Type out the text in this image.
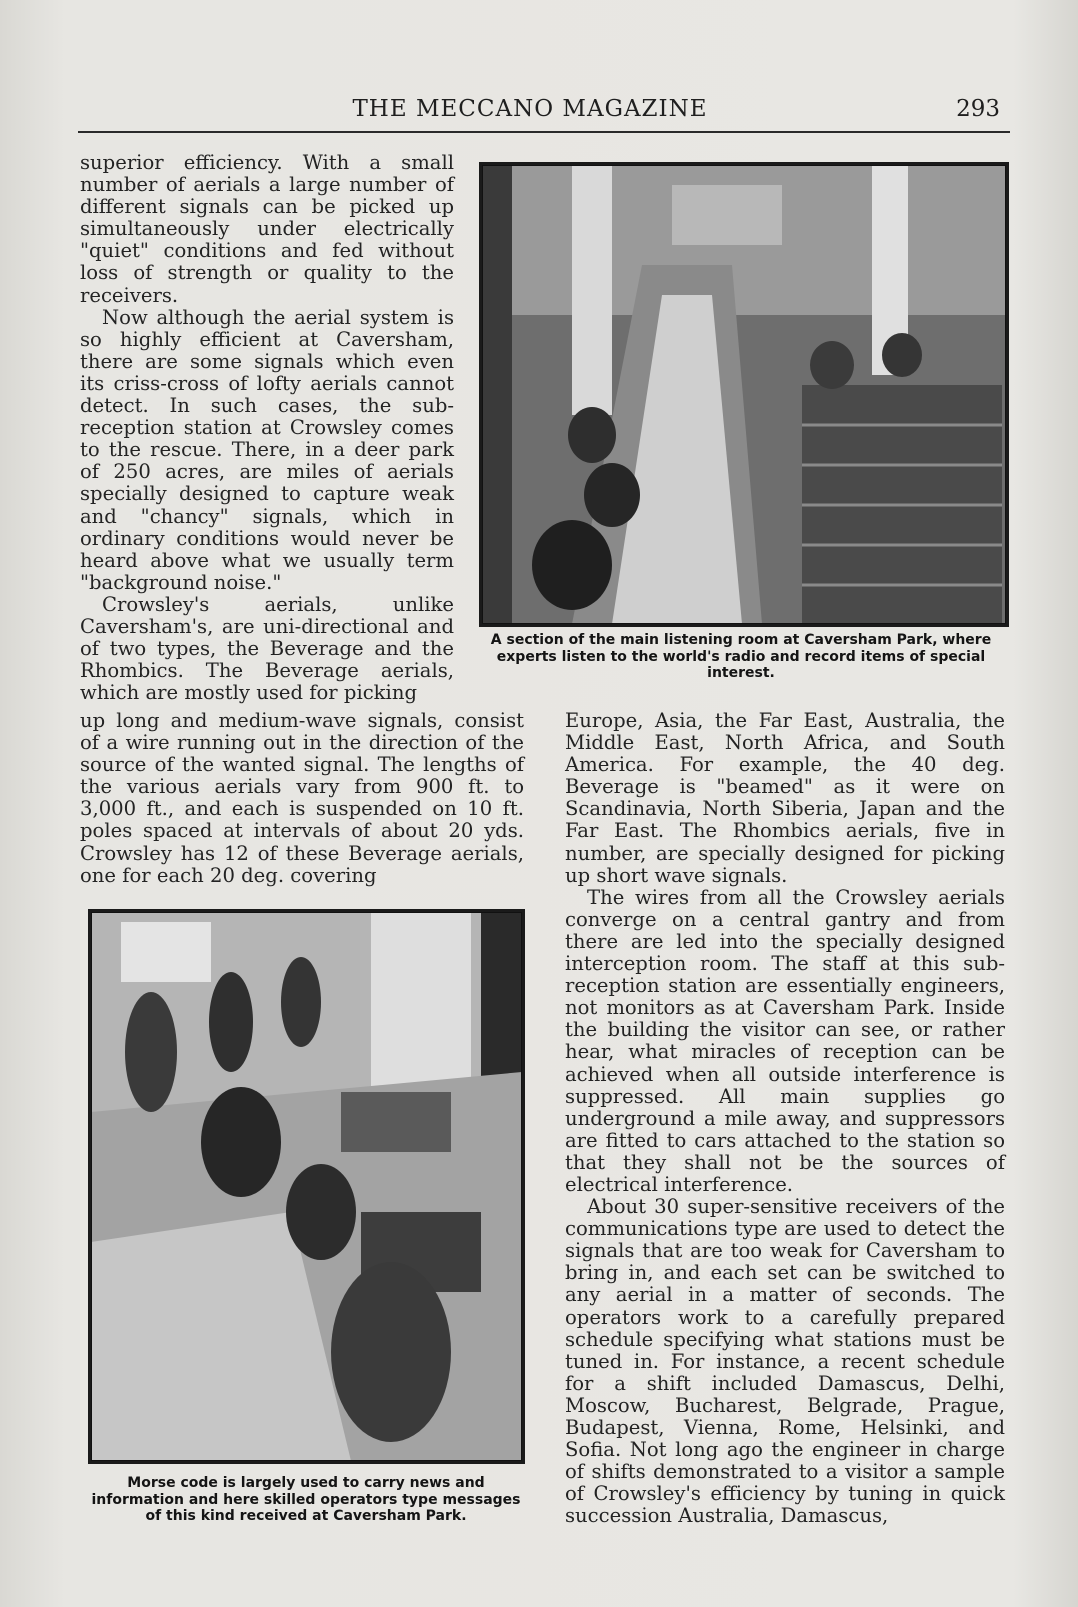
THE MECCANO MAGAZINE	293

superior efficiency. With a small number of aerials a large number of different signals can be picked up simultaneously under electrically "quiet" conditions and fed without loss of strength or quality to the receivers.

Now although the aerial system is so highly efficient at Caversham, there are some signals which even its criss-cross of lofty aerials cannot detect. In such cases, the sub-reception station at Crowsley comes to the rescue. There, in a deer park of 250 acres, are miles of aerials specially designed to capture weak and "chancy" signals, which in ordinary conditions would never be heard above what we usually term "background noise."

Crowsley's aerials, unlike Caversham's, are uni-directional and of two types, the Beverage and the Rhombics. The Beverage aerials, which are mostly used for picking

up long and medium-wave signals, consist of a wire running out in the direction of the source of the wanted signal. The lengths of the various aerials vary from 900 ft. to 3,000 ft., and each is suspended on 10 ft. poles spaced at intervals of about 20 yds. Crowsley has 12 of these Beverage aerials, one for each 20 deg. covering

A section of the main listening room at Caversham Park, where experts listen to the world's radio and record items of special interest.

Europe, Asia, the Far East, Australia, the Middle East, North Africa, and South America. For example, the 40 deg. Beverage is "beamed" as it were on Scandinavia, North Siberia, Japan and the Far East. The Rhombics aerials, five in number, are specially designed for picking up short wave signals.

The wires from all the Crowsley aerials converge on a central gantry and from there are led into the specially designed interception room. The staff at this sub-reception station are essentially engineers, not monitors as at Caversham Park. Inside the building the visitor can see, or rather hear, what miracles of reception can be achieved when all outside interference is suppressed. All main supplies go underground a mile away, and suppressors are fitted to cars attached to the station so that they shall not be the sources of electrical interference.

About 30 super-sensitive receivers of the communications type are used to detect the signals that are too weak for Caversham to bring in, and each set can be switched to any aerial in a matter of seconds. The operators work to a carefully prepared schedule specifying what stations must be tuned in. For instance, a recent schedule for a shift included Damascus, Delhi, Moscow, Bucharest, Belgrade, Prague, Budapest, Vienna, Rome, Helsinki, and Sofia. Not long ago the engineer in charge of shifts demonstrated to a visitor a sample of Crowsley's efficiency by tuning in quick succession Australia, Damascus,

Morse code is largely used to carry news and information and here skilled operators type messages of this kind received at Caversham Park.
